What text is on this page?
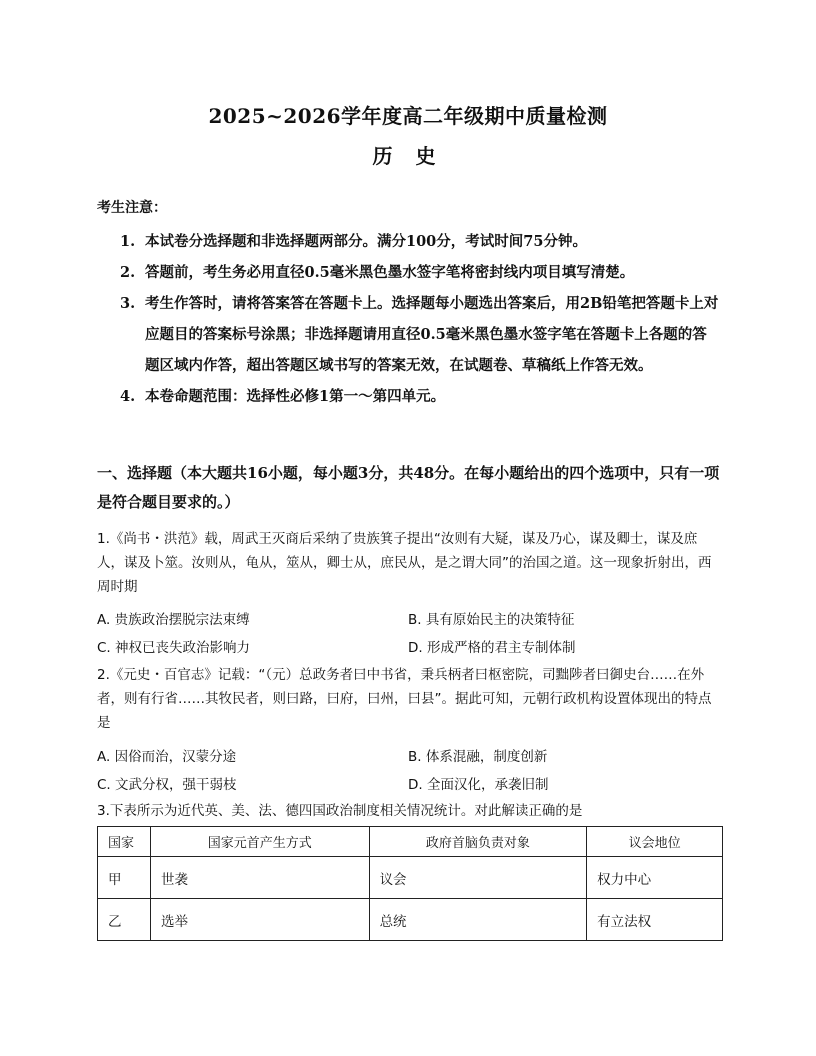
2025~2026学年度高二年级期中质量检测
历 史
考生注意：
1. 本试卷分选择题和非选择题两部分。满分100分，考试时间75分钟。
2. 答题前，考生务必用直径0.5毫米黑色墨水签字笔将密封线内项目填写清楚。
3. 考生作答时，请将答案答在答题卡上。选择题每小题选出答案后，用2B铅笔把答题卡上对应题目的答案标号涂黑；非选择题请用直径0.5毫米黑色墨水签字笔在答题卡上各题的答题区域内作答，超出答题区域书写的答案无效，在试题卷、草稿纸上作答无效。
4. 本卷命题范围：选择性必修1第一～第四单元。
一、选择题（本大题共16小题，每小题3分，共48分。在每小题给出的四个选项中，只有一项是符合题目要求的。）
1.《尚书・洪范》载，周武王灭商后采纳了贵族箕子提出“汝则有大疑，谋及乃心，谋及卿士，谋及庶人，谋及卜筮。汝则从，龟从，筮从，卿士从，庶民从，是之谓大同”的治国之道。这一现象折射出，西周时期
A. 贵族政治摆脱宗法束缚	B. 具有原始民主的决策特征
C. 神权已丧失政治影响力	D. 形成严格的君主专制体制
2.《元史・百官志》记载：“（元）总政务者曰中书省，秉兵柄者曰枢密院，司黜陟者曰御史台……在外者，则有行省……其牧民者，则曰路，曰府，曰州，曰县”。据此可知，元朝行政机构设置体现出的特点是
A. 因俗而治，汉蒙分途	B. 体系混融，制度创新
C. 文武分权，强干弱枝	D. 全面汉化，承袭旧制
3.下表所示为近代英、美、法、德四国政治制度相关情况统计。对此解读正确的是
国家	国家元首产生方式	政府首脑负责对象	议会地位
甲	世袭	议会	权力中心
乙	选举	总统	有立法权
